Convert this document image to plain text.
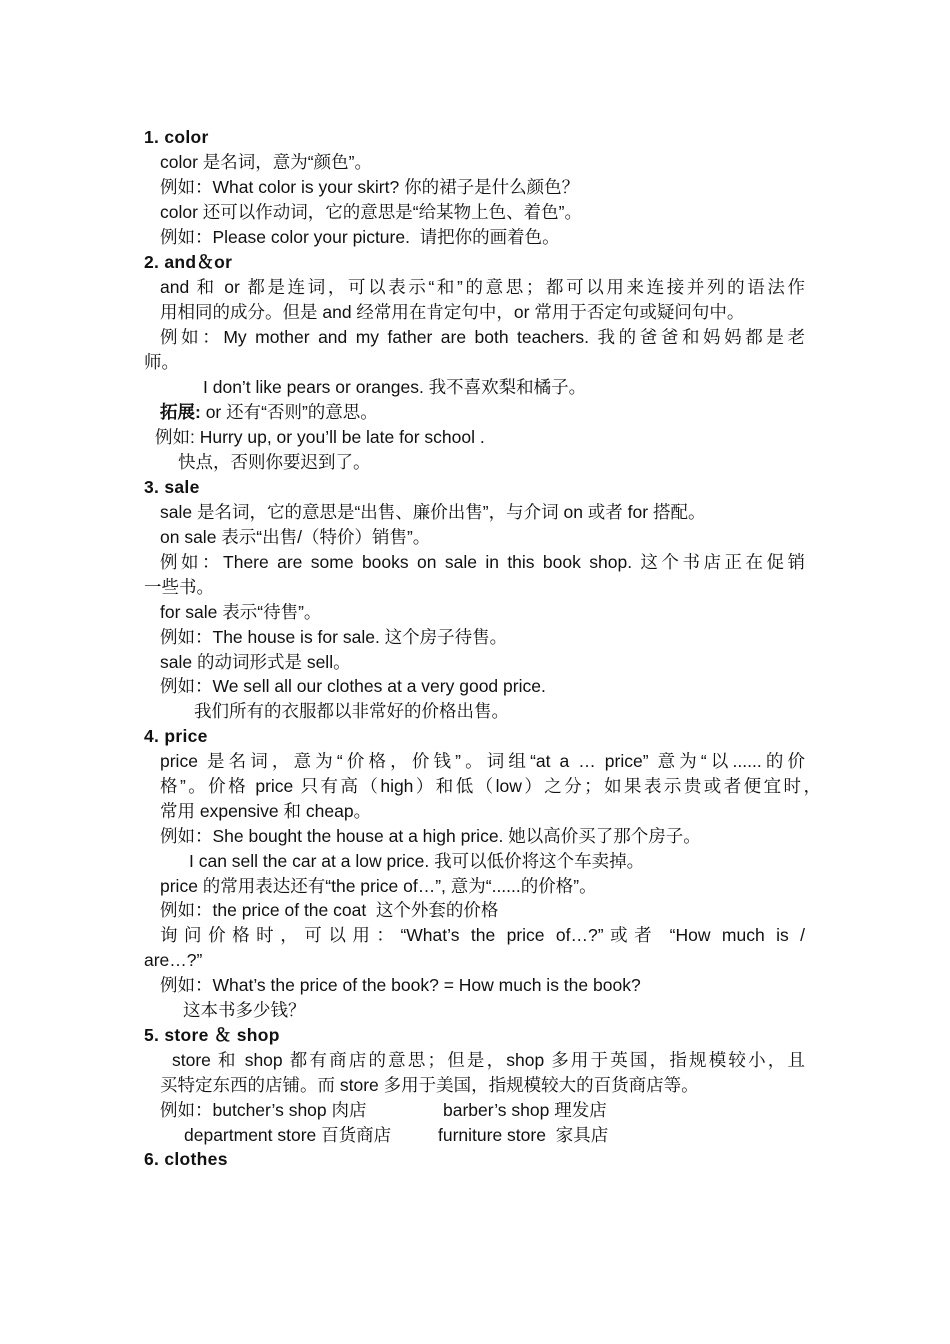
1. color

color 是名词，意为“颜色”。

例如：What color is your skirt? 你的裙子是什么颜色？

color 还可以作动词，它的意思是“给某物上色、着色”。

例如：Please color your picture.  请把你的画着色。

2. and＆or

and 和 or 都是连词，可以表示“和”的意思；都可以用来连接并列的语法作

用相同的成分。但是 and 经常用在肯定句中，or 常用于否定句或疑问句中。

例如：My mother and my father are both teachers. 我的爸爸和妈妈都是老

师。

I don’t like pears or oranges. 我不喜欢梨和橘子。

拓展: or 还有“否则”的意思。

例如: Hurry up, or you’ll be late for school .

快点，否则你要迟到了。

3. sale

sale 是名词，它的意思是“出售、廉价出售”，与介词 on 或者 for 搭配。

on sale 表示“出售/（特价）销售”。

例如：There are some books on sale in this book shop. 这个书店正在促销

一些书。

for sale 表示“待售”。

例如：The house is for sale. 这个房子待售。

sale 的动词形式是 sell。

例如：We sell all our clothes at a very good price.

我们所有的衣服都以非常好的价格出售。

4. price

price 是名词，意为“价格，价钱”。词组“at a … price” 意为“以......的价

格”。价格 price 只有高（high）和低（low）之分；如果表示贵或者便宜时，

常用 expensive 和 cheap。

例如：She bought the house at a high price. 她以高价买了那个房子。

I can sell the car at a low price. 我可以低价将这个车卖掉。

price 的常用表达还有“the price of…”, 意为“......的价格”。

例如：the price of the coat  这个外套的价格

询问价格时，可以用：“What’s the price of…?”或者 “How much is /

are…?”

例如：What’s the price of the book? = How much is the book?

这本书多少钱？

5. store ＆ shop

store 和 shop 都有商店的意思；但是，shop 多用于英国，指规模较小，且

买特定东西的店铺。而 store 多用于美国，指规模较大的百货商店等。

例如：butcher’s shop 肉店	barber’s shop 理发店

department store 百货商店	furniture store  家具店

6. clothes
